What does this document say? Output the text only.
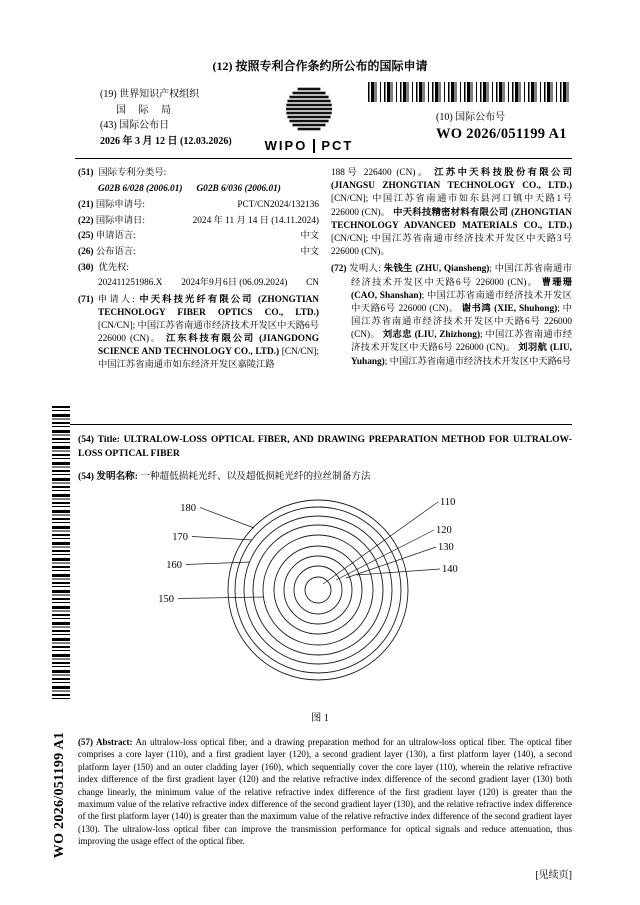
(12) 按照专利合作条约所公布的国际申请
(19) 世界知识产权组织
国 际 局
(43) 国际公布日
2026 年 3 月 12 日 (12.03.2026)	WIPO PCT
(10) 国际公布号
WO 2026/051199 A1
(51) 国际专利分类号:
G02B 6/028 (2006.01) G02B 6/036 (2006.01)
(21) 国际申请号:	PCT/CN2024/132136
(22) 国际申请日:	2024 年 11 月 14 日 (14.11.2024)
(25) 申请语言:	中文
(26) 公布语言:	中文
(30) 优先权:
202411251986.X 2024年9月6日 (06.09.2024) CN

(71) 申请人: 中天科技光纤有限公司 (ZHONGTIAN TECHNOLOGY FIBER OPTICS CO., LTD.) [CN/CN]; 中国江苏省南通市经济技术开发区中天路6号 226000 (CN)。 江东科技有限公司 (JIANGDONG SCIENCE AND TECHNOLOGY CO., LTD.) [CN/CN]; 中国江苏省南通市如东经济开发区嘉陵江路

188号 226400 (CN)。 江苏中天科技股份有限公司 (JIANGSU ZHONGTIAN TECHNOLOGY CO., LTD.) [CN/CN]; 中国江苏省南通市如东县河口镇中天路1号 226000 (CN)。 中天科技精密材料有限公司 (ZHONGTIAN TECHNOLOGY ADVANCED MATERIALS CO., LTD.) [CN/CN]; 中国江苏省南通市经济技术开发区中天路3号 226000 (CN)。

(72) 发明人: 朱钱生 (ZHU, Qiansheng); 中国江苏省南通市经济技术开发区中天路6号 226000 (CN)。 曹珊珊 (CAO, Shanshan); 中国江苏省南通市经济技术开发区中天路6号 226000 (CN)。 谢书鸿 (XIE, Shuhong); 中国江苏省南通市经济技术开发区中天路6号 226000 (CN)。 刘志忠 (LIU, Zhizhong); 中国江苏省南通市经济技术开发区中天路6号 226000 (CN)。 刘羽航 (LIU, Yuhang); 中国江苏省南通市经济技术开发区中天路6号

(54) Title: ULTRALOW-LOSS OPTICAL FIBER, AND DRAWING PREPARATION METHOD FOR ULTRALOW-LOSS OPTICAL FIBER

(54) 发明名称: 一种超低损耗光纤、以及超低损耗光纤的拉丝制备方法

180
170
160
150
110
120
130
140
图 1
WO 2026/051199 A1	(57) Abstract: An ultralow-loss optical fiber, and a drawing preparation method for an ultralow-loss optical fiber. The optical fiber comprises a core layer (110), and a first gradient layer (120), a second gradient layer (130), a first platform layer (140), a second platform layer (150) and an outer cladding layer (160), which sequentially cover the core layer (110), wherein the relative refractive index difference of the first gradient layer (120) and the relative refractive index difference of the second gradient layer (130) both change linearly, the minimum value of the relative refractive index difference of the first gradient layer (120) is greater than the maximum value of the relative refractive index difference of the second gradient layer (130), and the relative refractive index difference of the first platform layer (140) is greater than the maximum value of the relative refractive index difference of the second gradient layer (130). The ultralow-loss optical fiber can improve the transmission performance for optical signals and reduce attenuation, thus improving the usage effect of the optical fiber.

[见续页]
